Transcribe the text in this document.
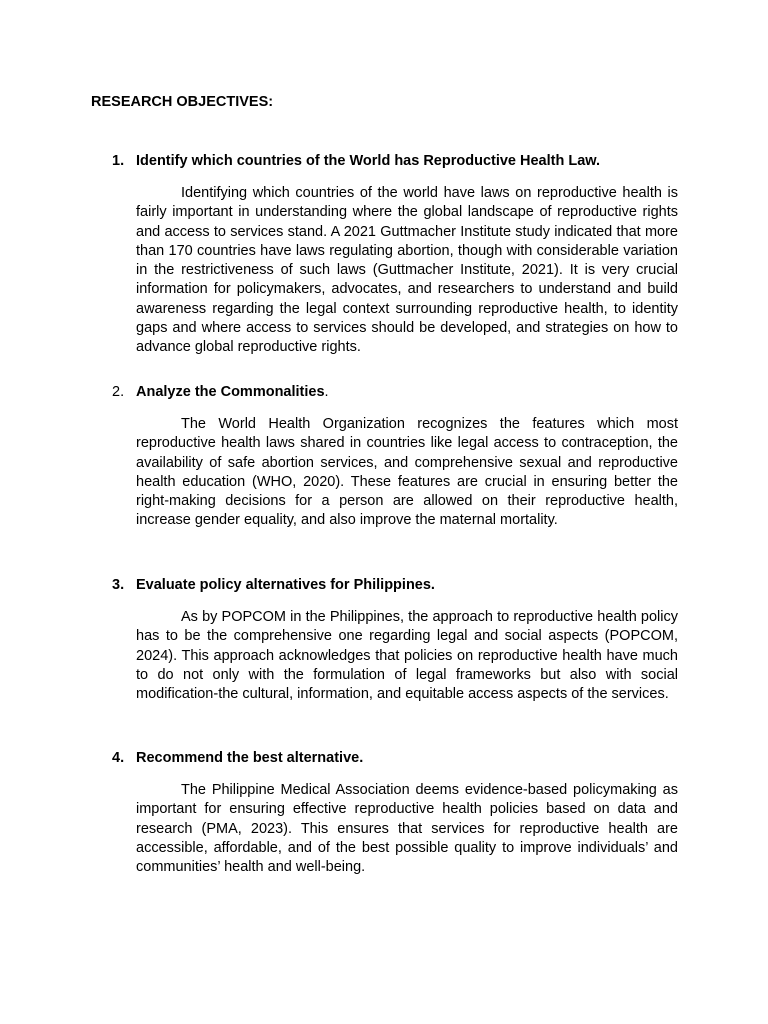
RESEARCH OBJECTIVES:
1. Identify which countries of the World has Reproductive Health Law.

Identifying which countries of the world have laws on reproductive health is fairly important in understanding where the global landscape of reproductive rights and access to services stand. A 2021 Guttmacher Institute study indicated that more than 170 countries have laws regulating abortion, though with considerable variation in the restrictiveness of such laws (Guttmacher Institute, 2021). It is very crucial information for policymakers, advocates, and researchers to understand and build awareness regarding the legal context surrounding reproductive health, to identity gaps and where access to services should be developed, and strategies on how to advance global reproductive rights.

2. Analyze the Commonalities.

The World Health Organization recognizes the features which most reproductive health laws shared in countries like legal access to contraception, the availability of safe abortion services, and comprehensive sexual and reproductive health education (WHO, 2020). These features are crucial in ensuring better the right-making decisions for a person are allowed on their reproductive health, increase gender equality, and also improve the maternal mortality.

3. Evaluate policy alternatives for Philippines.

As by POPCOM in the Philippines, the approach to reproductive health policy has to be the comprehensive one regarding legal and social aspects (POPCOM, 2024). This approach acknowledges that policies on reproductive health have much to do not only with the formulation of legal frameworks but also with social modification-the cultural, information, and equitable access aspects of the services.

4. Recommend the best alternative.

The Philippine Medical Association deems evidence-based policymaking as important for ensuring effective reproductive health policies based on data and research (PMA, 2023). This ensures that services for reproductive health are accessible, affordable, and of the best possible quality to improve individuals’ and communities’ health and well-being.
